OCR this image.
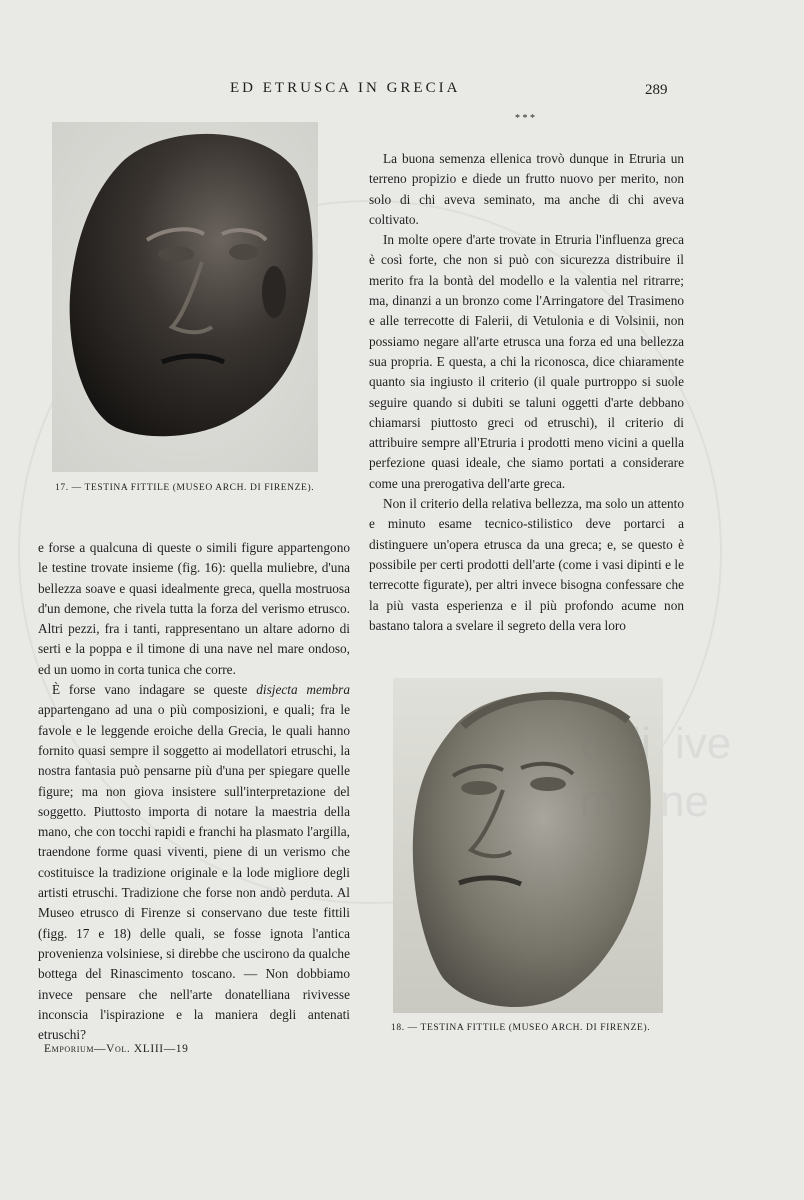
ED ETRUSCA IN GRECIA	289
17. — TESTINA FITTILE (MUSEO ARCH. DI FIRENZE).
* * *

La buona semenza ellenica trovò dunque in Etruria un terreno propizio e diede un frutto nuovo per merito, non solo di chi aveva seminato, ma anche di chi aveva coltivato.

In molte opere d'arte trovate in Etruria l'influenza greca è così forte, che non si può con sicurezza distribuire il merito fra la bontà del modello e la valentia nel ritrarre; ma, dinanzi a un bronzo come l'Arringatore del Trasimeno e alle terrecotte di Falerii, di Vetulonia e di Volsinii, non possiamo negare all'arte etrusca una forza ed una bellezza sua propria. E questa, a chi la riconosca, dice chiaramente quanto sia ingiusto il criterio (il quale purtroppo si suole seguire quando si dubiti se taluni oggetti d'arte debbano chiamarsi piuttosto greci od etruschi), il criterio di attribuire sempre all'Etruria i prodotti meno vicini a quella perfezione quasi ideale, che siamo portati a considerare come una prerogativa dell'arte greca.

Non il criterio della relativa bellezza, ma solo un attento e minuto esame tecnico-stilistico deve portarci a distinguere un'opera etrusca da una greca; e, se questo è possibile per certi prodotti dell'arte (come i vasi dipinti e le terrecotte figurate), per altri invece bisogna confessare che la più vasta esperienza e il più profondo acume non bastano talora a svelare il segreto della vera loro

e forse a qualcuna di queste o simili figure appartengono le testine trovate insieme (fig. 16): quella muliebre, d'una bellezza soave e quasi idealmente greca, quella mostruosa d'un demone, che rivela tutta la forza del verismo etrusco. Altri pezzi, fra i tanti, rappresentano un altare adorno di serti e la poppa e il timone di una nave nel mare ondoso, ed un uomo in corta tunica che corre.

È forse vano indagare se queste disjecta membra appartengano ad una o più composizioni, e quali; fra le favole e le leggende eroiche della Grecia, le quali hanno fornito quasi sempre il soggetto ai modellatori etruschi, la nostra fantasia può pensarne più d'una per spiegare quelle figure; ma non giova insistere sull'interpretazione del soggetto. Piuttosto importa di notare la maestria della mano, che con tocchi rapidi e franchi ha plasmato l'argilla, traendone forme quasi viventi, piene di un verismo che costituisce la tradizione originale e la lode migliore degli artisti etruschi. Tradizione che forse non andò perduta. Al Museo etrusco di Firenze si conservano due teste fittili (figg. 17 e 18) delle quali, se fosse ignota l'antica provenienza volsiniese, si direbbe che uscirono da qualche bottega del Rinascimento toscano. — Non dobbiamo invece pensare che nell'arte donatelliana rivivesse inconscia l'ispirazione e la maniera degli antenati etruschi?	18. — TESTINA FITTILE (MUSEO ARCH. DI FIRENZE).
Emporium—Vol. XLIII—19
o di ive
ma ne
